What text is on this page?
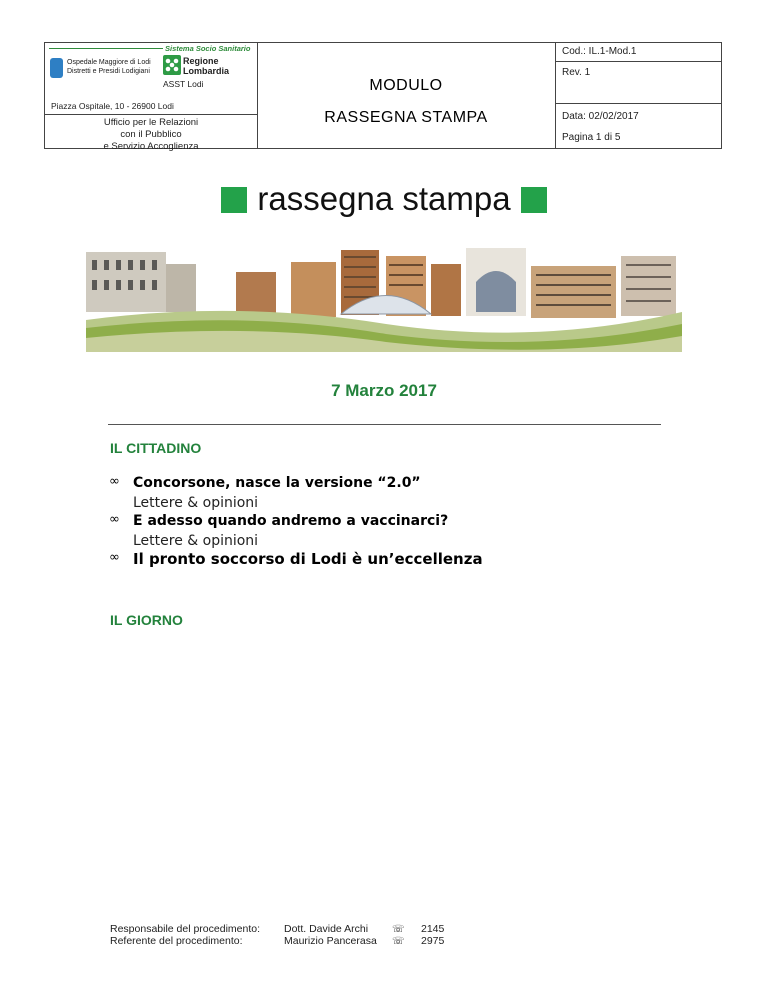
Sistema Socio Sanitario
Ospedale Maggiore di Lodi
Distretti e Presidi Lodigiani
Regione
Lombardia
ASST Lodi
Piazza Ospitale, 10 - 26900 Lodi
Ufficio per le Relazioni
con il Pubblico
e Servizio Accoglienza
MODULO
RASSEGNA STAMPA
Cod.: IL.1-Mod.1
Rev. 1
Data: 02/02/2017
Pagina 1 di 5
rassegna stampa
7 Marzo 2017
IL CITTADINO
∞ Concorsone, nasce la versione “2.0”
Lettere & opinioni
∞ E adesso quando andremo a vaccinarci?
Lettere & opinioni
∞ Il pronto soccorso di Lodi è un’eccellenza
IL GIORNO
Responsabile del procedimento:
Referente del procedimento:
Dott. Davide Archi
Maurizio Pancerasa
☏
☏
2145
2975
